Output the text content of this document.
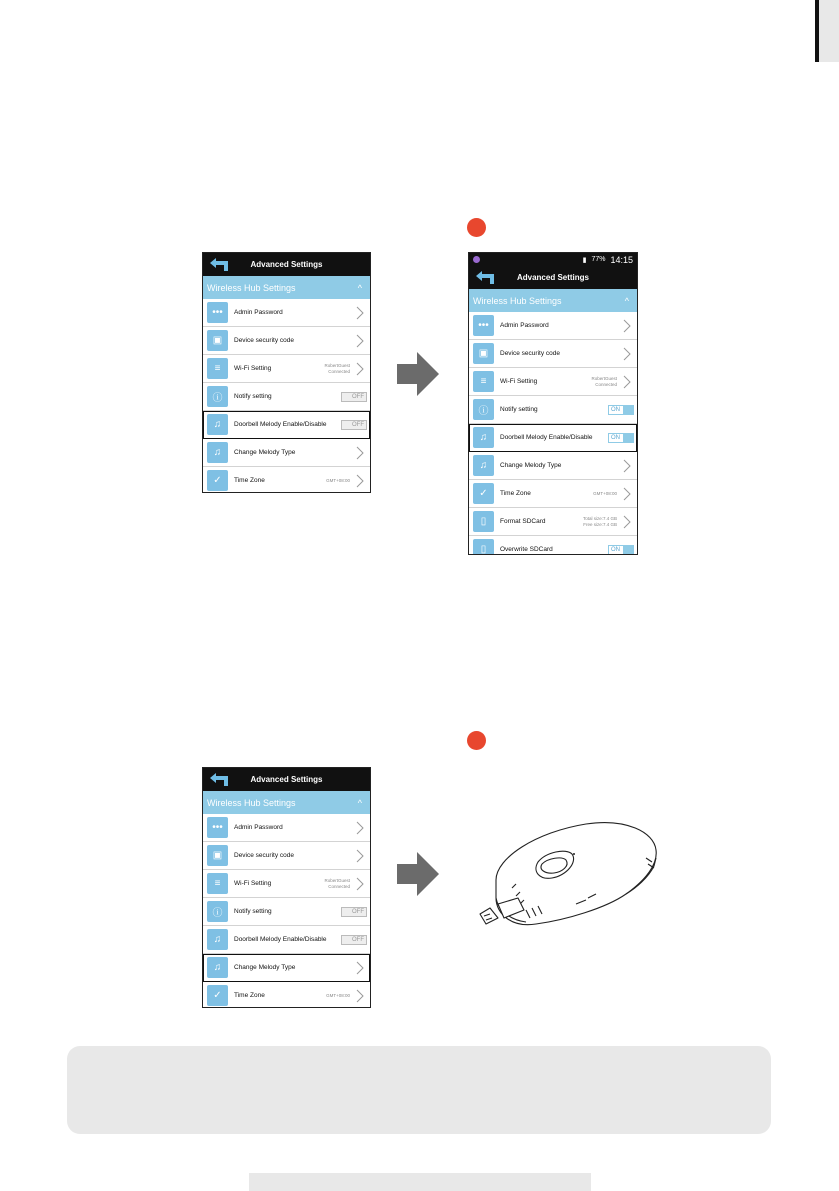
Advanced Settings
Wireless Hub Settings	^
•••	Admin Password
▣	Device security code
≡	Wi-Fi Setting	RobertGuest
Connected
ⓘ	Notify setting	OFF
♫	Doorbell Melody Enable/Disable	OFF
♫	Change Melody Type
✓	Time Zone	GMT+08:00
▮ 77% 14:15
Advanced Settings
Wireless Hub Settings	^
•••	Admin Password
▣	Device security code
≡	Wi-Fi Setting	RobertGuest
Connected
ⓘ	Notify setting	ON
♫	Doorbell Melody Enable/Disable	ON
♫	Change Melody Type
✓	Time Zone	GMT+08:00
▯	Format SDCard	Total size:7.4 GB
Free size:7.4 GB
▯	Overwrite SDCard	ON
Advanced Settings
Wireless Hub Settings	^
•••	Admin Password
▣	Device security code
≡	Wi-Fi Setting	RobertGuest
Connected
ⓘ	Notify setting	OFF
♫	Doorbell Melody Enable/Disable	OFF
♫	Change Melody Type
✓	Time Zone	GMT+08:00
